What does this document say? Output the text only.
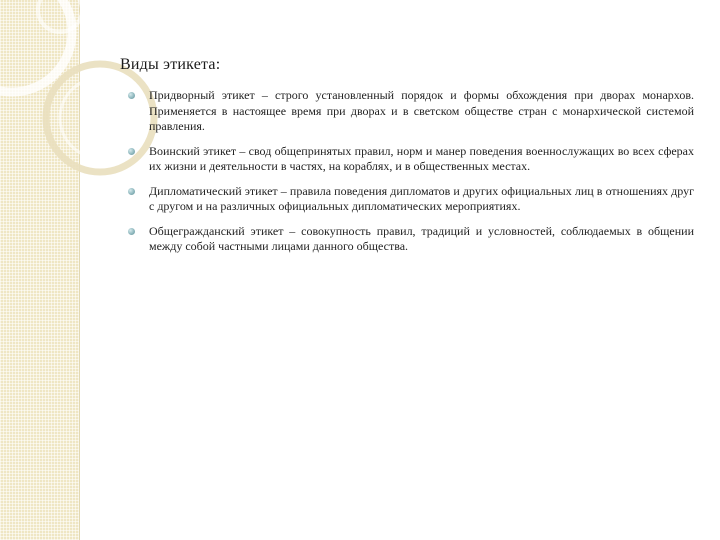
Виды этикета:
Придворный этикет – строго установленный порядок и формы обхождения при дворах монархов. Применяется в настоящее время при дворах и в светском обществе стран с монархической системой правления.
Воинский этикет – свод общепринятых правил, норм и манер поведения военнослужащих во всех сферах их жизни и деятельности в частях, на кораблях, и в общественных местах.
Дипломатический этикет – правила поведения дипломатов и других официальных лиц в отношениях друг с другом и на различных официальных дипломатических мероприятиях.
Общегражданский этикет – совокупность правил, традиций и условностей, соблюдаемых в общении между собой частными лицами данного общества.
